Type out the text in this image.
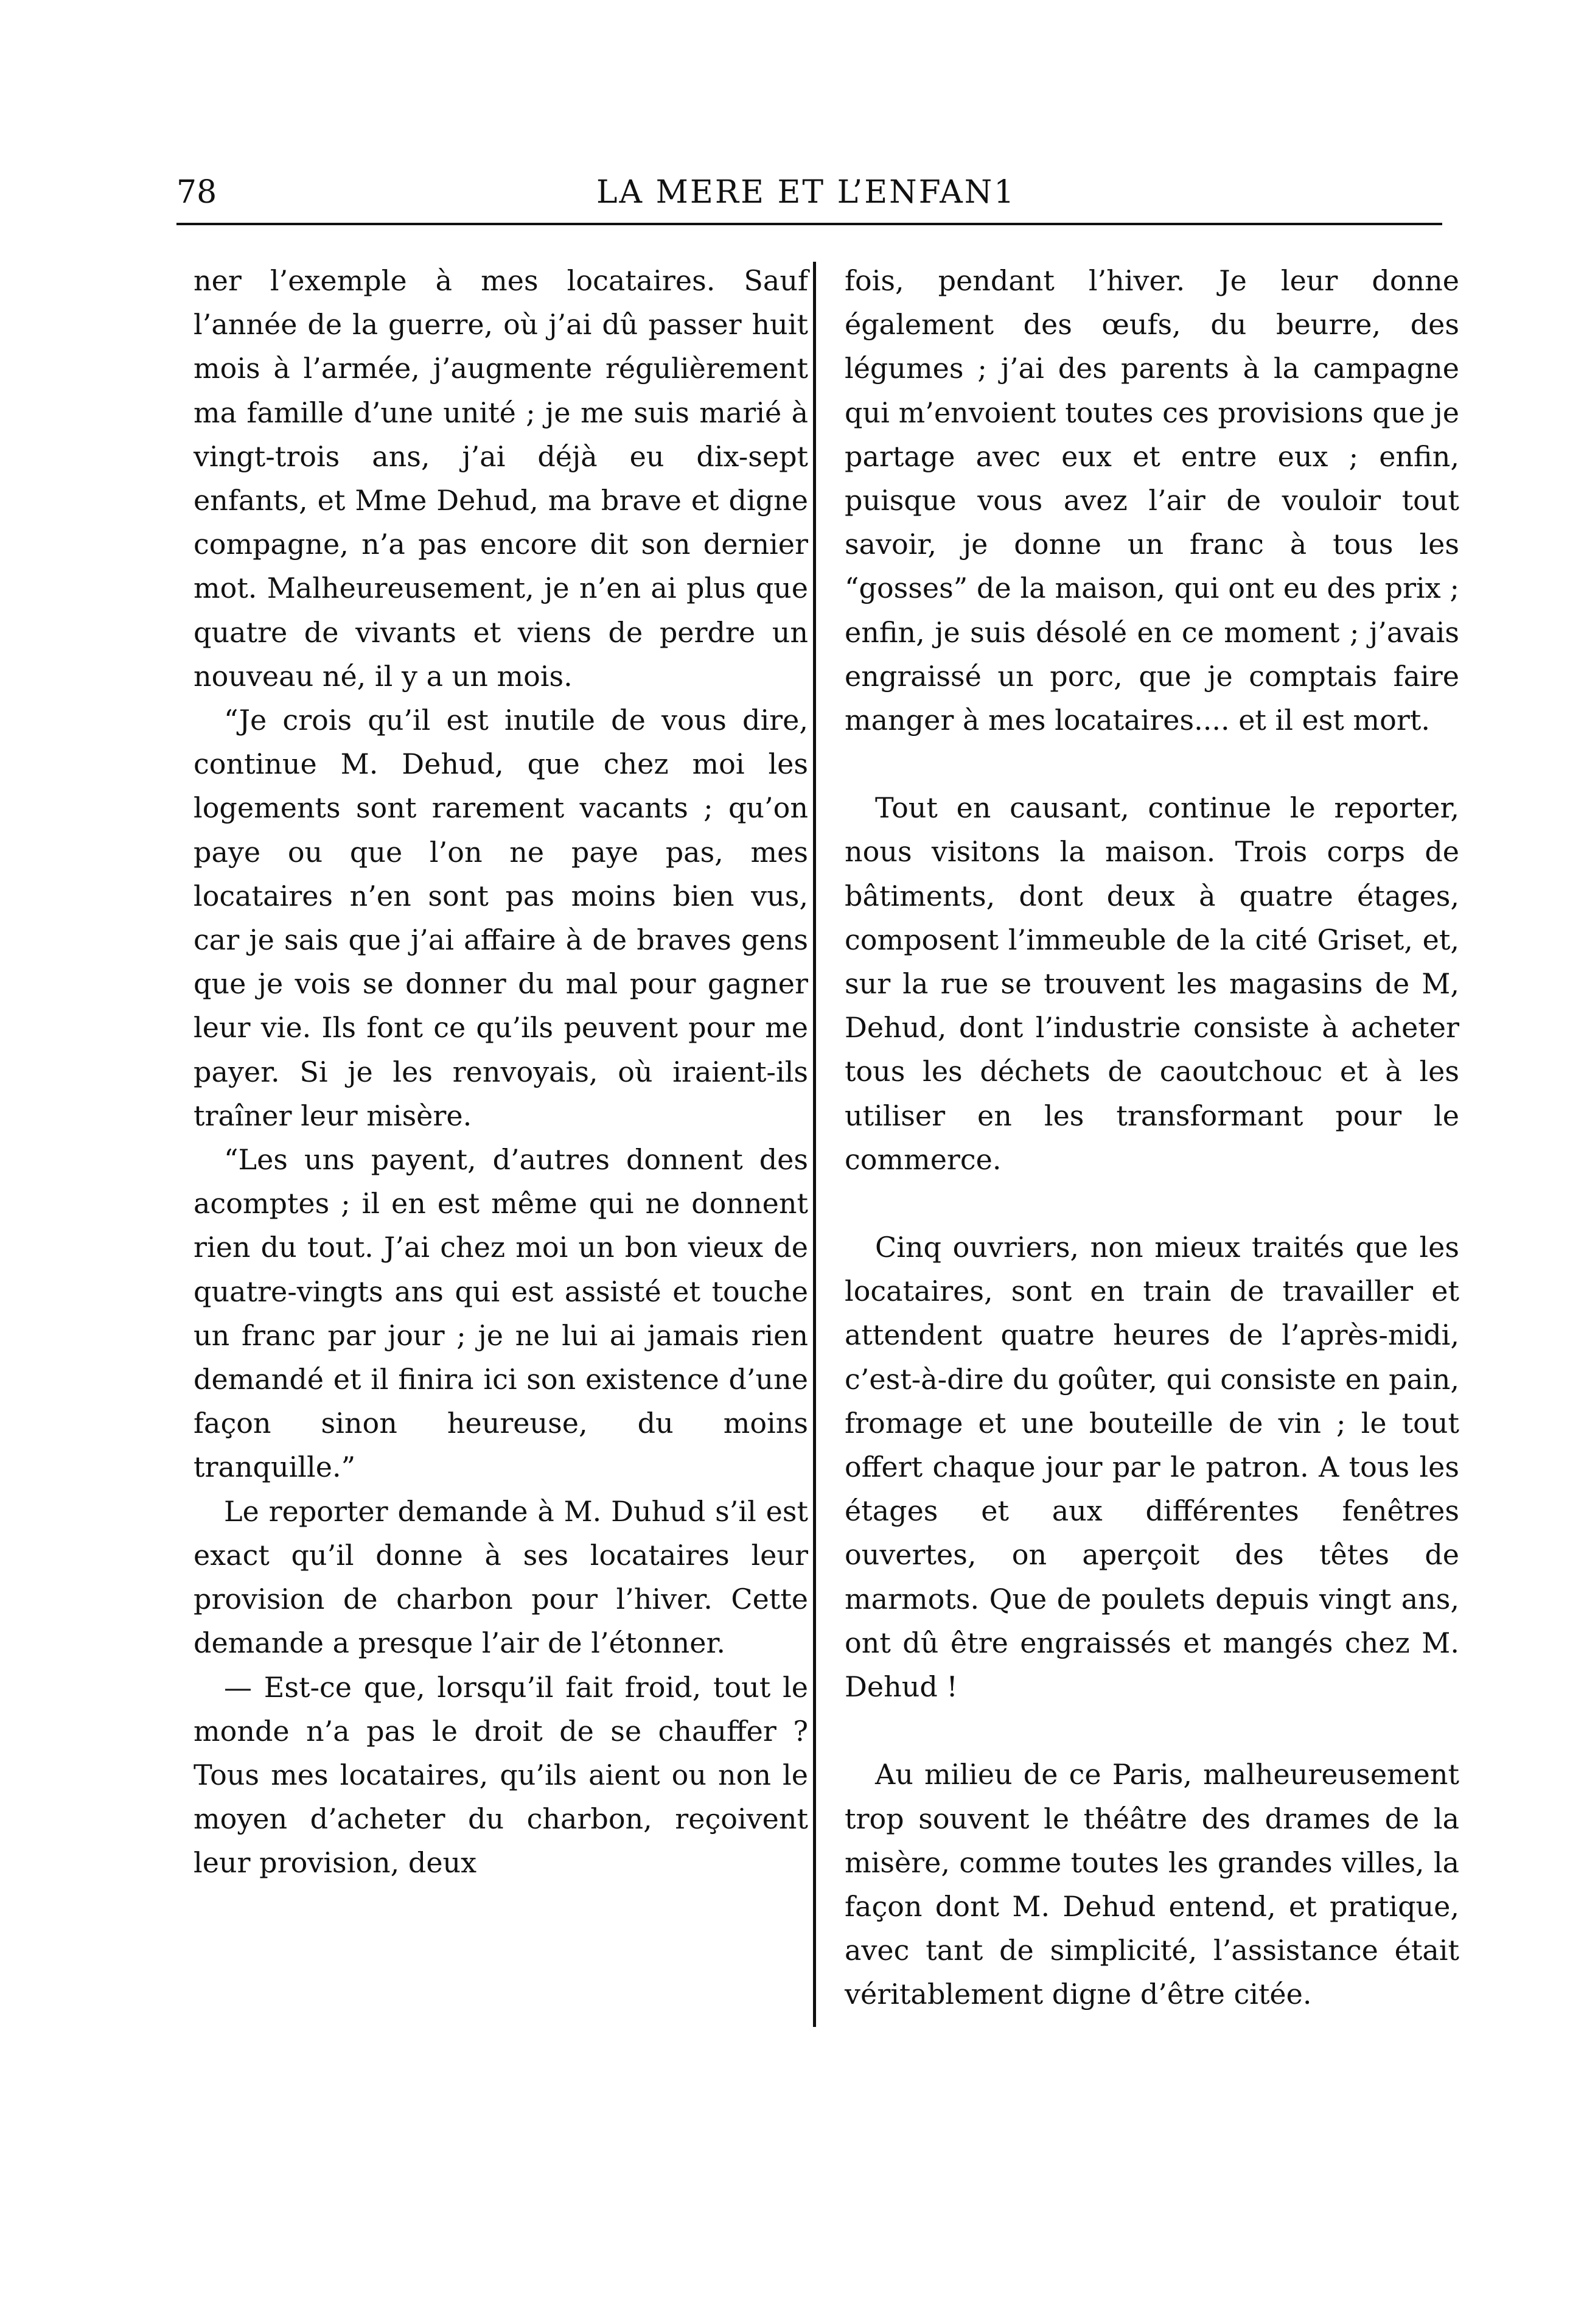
78	LA MERE ET L’ENFAN1

ner l’exemple à mes locataires. Sauf l’année de la guerre, où j’ai dû passer huit mois à l’armée, j’augmente régulièrement ma famille d’une unité ; je me suis marié à vingt-trois ans, j’ai déjà eu dix-sept enfants, et Mme Dehud, ma brave et digne compagne, n’a pas encore dit son dernier mot. Malheureusement, je n’en ai plus que quatre de vivants et viens de perdre un nouveau né, il y a un mois.

“Je crois qu’il est inutile de vous dire, continue M. Dehud, que chez moi les logements sont rarement vacants ; qu’on paye ou que l’on ne paye pas, mes locataires n’en sont pas moins bien vus, car je sais que j’ai affaire à de braves gens que je vois se donner du mal pour gagner leur vie. Ils font ce qu’ils peuvent pour me payer. Si je les renvoyais, où iraient-ils traîner leur misère.

“Les uns payent, d’autres donnent des acomptes ; il en est même qui ne donnent rien du tout. J’ai chez moi un bon vieux de quatre-vingts ans qui est assisté et touche un franc par jour ; je ne lui ai jamais rien demandé et il finira ici son existence d’une façon sinon heureuse, du moins tranquille.”

Le reporter demande à M. Duhud s’il est exact qu’il donne à ses locataires leur provision de charbon pour l’hiver. Cette demande a presque l’air de l’étonner.

— Est-ce que, lorsqu’il fait froid, tout le monde n’a pas le droit de se chauffer ? Tous mes locataires, qu’ils aient ou non le moyen d’acheter du charbon, reçoivent leur provision, deux

fois, pendant l’hiver. Je leur donne également des œufs, du beurre, des légumes ; j’ai des parents à la campagne qui m’envoient toutes ces provisions que je partage avec eux et entre eux ; enfin, puisque vous avez l’air de vouloir tout savoir, je donne un franc à tous les “gosses” de la maison, qui ont eu des prix ; enfin, je suis désolé en ce moment ; j’avais engraissé un porc, que je comptais faire manger à mes locataires.... et il est mort.

Tout en causant, continue le reporter, nous visitons la maison. Trois corps de bâtiments, dont deux à quatre étages, composent l’immeuble de la cité Griset, et, sur la rue se trouvent les magasins de M, Dehud, dont l’industrie consiste à acheter tous les déchets de caoutchouc et à les utiliser en les transformant pour le commerce.

Cinq ouvriers, non mieux traités que les locataires, sont en train de travailler et attendent quatre heures de l’après-midi, c’est-à-dire du goûter, qui consiste en pain, fromage et une bouteille de vin ; le tout offert chaque jour par le patron. A tous les étages et aux différentes fenêtres ouvertes, on aperçoit des têtes de marmots. Que de poulets depuis vingt ans, ont dû être engraissés et mangés chez M. Dehud !

Au milieu de ce Paris, malheureusement trop souvent le théâtre des drames de la misère, comme toutes les grandes villes, la façon dont M. Dehud entend, et pratique, avec tant de simplicité, l’assistance était véritablement digne d’être citée.
